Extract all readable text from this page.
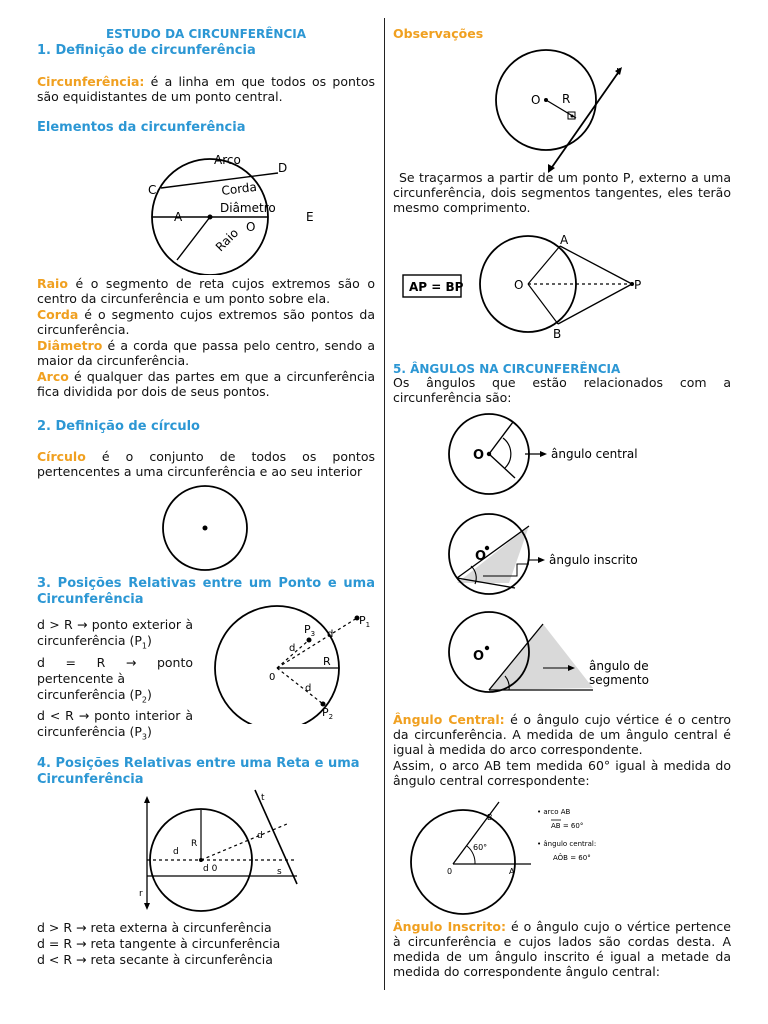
ESTUDO DA CIRCUNFERÊNCIA
1. Definição de circunferência

Circunferência: é a linha em que todos os pontos são equidistantes de um ponto central.

Elementos da circunferência
Arco
D
C	Corda
Diâmetro
A	E
O
Raio

Raio é o segmento de reta cujos extremos são o centro da circunferência e um ponto sobre ela.

Corda é o segmento cujos extremos são pontos da circunferência.

Diâmetro é a corda que passa pelo centro, sendo a maior da circunferência.

Arco é qualquer das partes em que a circunferência fica dividida por dois de seus pontos.

2. Definição de círculo

Círculo é o conjunto de todos os pontos pertencentes a uma circunferência e ao seu interior

3. Posições Relativas entre um Ponto e uma Circunferência
d > R → ponto exterior à circunferência $(P_1)$
d = R → ponto pertencente à
circunferência $(P_2)$
d < R → ponto interior à circunferência $(P_3)$
$P_1$
$P_3$
$P_2$
R
0
d
d
d
4. Posições Relativas entre uma Reta e uma Circunferência
t
s
r
R
d 0
d
d
d > R → reta externa à circunferência
d = R → reta tangente à circunferência
d < R → reta secante à circunferência
Observações
O R
r

Se traçarmos a partir de um ponto P, externo a uma circunferência, dois segmentos tangentes, eles terão mesmo comprimento.

AP = BP	O
A
B
P
5. ÂNGULOS NA CIRCUNFERÊNCIA

Os ângulos que estão relacionados com a circunferência são:

O	ângulo central
O	ângulo inscrito
O
ângulo de
segmento

Ângulo Central: é o ângulo cujo vértice é o centro da circunferência. A medida de um ângulo central é igual à medida do arco correspondente.

Assim, o arco AB tem medida 60° igual à medida do ângulo central correspondente:

60°
B
A
0
• arco AB
AB = 60°
• ângulo central:
AÔB = 60°

Ângulo Inscrito: é o ângulo cujo o vértice pertence à circunferência e cujos lados são cordas desta. A medida de um ângulo inscrito é igual a metade da medida do correspondente ângulo central:
